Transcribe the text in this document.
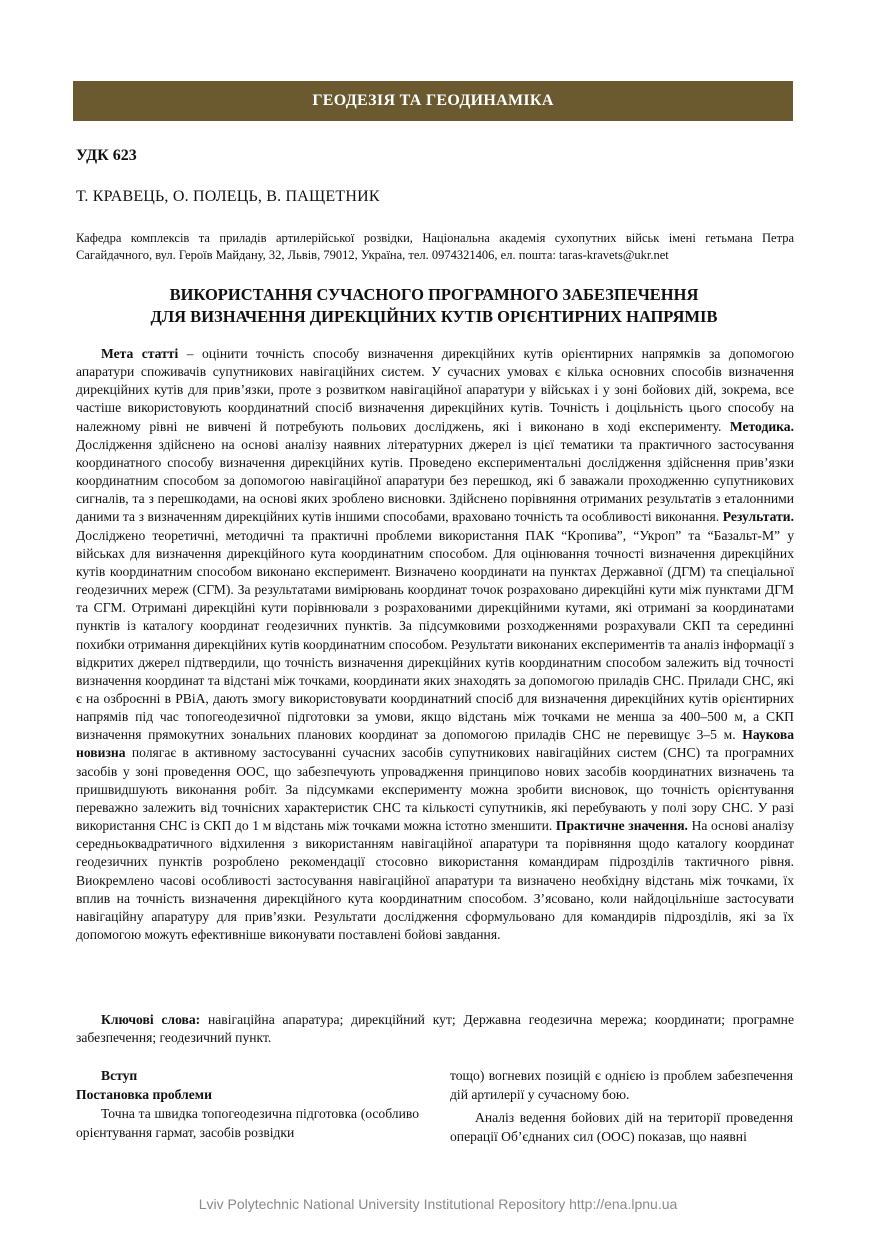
ГЕОДЕЗІЯ ТА ГЕОДИНАМІКА
УДК 623
Т. КРАВЕЦЬ, О. ПОЛЕЦЬ, В. ПАЩЕТНИК
Кафедра комплексів та приладів артилерійської розвідки, Національна академія сухопутних військ імені гетьмана Петра Сагайдачного, вул. Героїв Майдану, 32, Львів, 79012, Україна, тел. 0974321406, ел. пошта: taras-kravets@ukr.net
ВИКОРИСТАННЯ СУЧАСНОГО ПРОГРАМНОГО ЗАБЕЗПЕЧЕННЯ
ДЛЯ ВИЗНАЧЕННЯ ДИРЕКЦІЙНИХ КУТІВ ОРІЄНТИРНИХ НАПРЯМІВ
Мета статті – оцінити точність способу визначення дирекційних кутів орієнтирних напрямків за допомогою апаратури споживачів супутникових навігаційних систем. У сучасних умовах є кілька основних способів визначення дирекційних кутів для прив’язки, проте з розвитком навігаційної апаратури у військах і у зоні бойових дій, зокрема, все частіше використовують координатний спосіб визначення дирекційних кутів. Точність і доцільність цього способу на належному рівні не вивчені й потребують польових досліджень, які і виконано в ході експерименту. Методика. Дослідження здійснено на основі аналізу наявних літературних джерел із цієї тематики та практичного застосування координатного способу визначення дирекційних кутів. Проведено експериментальні дослідження здійснення прив’язки координатним способом за допомогою навігаційної апаратури без перешкод, які б заважали проходженню супутникових сигналів, та з перешкодами, на основі яких зроблено висновки. Здійснено порівняння отриманих результатів з еталонними даними та з визначенням дирекційних кутів іншими способами, враховано точність та особливості виконання. Результати. Досліджено теоретичні, методичні та практичні проблеми використання ПАК “Кропива”, “Укроп” та “Базальт-М” у військах для визначення дирекційного кута координатним способом. Для оцінювання точності визначення дирекційних кутів координатним способом виконано експеримент. Визначено координати на пунктах Державної (ДГМ) та спеціальної геодезичних мереж (СГМ). За результатами вимірювань координат точок розраховано дирекційні кути між пунктами ДГМ та СГМ. Отримані дирекційні кути порівнювали з розрахованими дирекційними кутами, які отримані за координатами пунктів із каталогу координат геодезичних пунктів. За підсумковими розходженнями розрахували СКП та серединні похибки отримання дирекційних кутів координатним способом. Результати виконаних експериментів та аналіз інформації з відкритих джерел підтвердили, що точність визначення дирекційних кутів координатним способом залежить від точності визначення координат та відстані між точками, координати яких знаходять за допомогою приладів СНС. Прилади СНС, які є на озброєнні в РВіА, дають змогу використовувати координатний спосіб для визначення дирекційних кутів орієнтирних напрямів під час топогеодезичної підготовки за умови, якщо відстань між точками не менша за 400–500 м, а СКП визначення прямокутних зональних планових координат за допомогою приладів СНС не перевищує 3–5 м. Наукова новизна полягає в активному застосуванні сучасних засобів супутникових навігаційних систем (СНС) та програмних засобів у зоні проведення ООС, що забезпечують упровадження принципово нових засобів координатних визначень та пришвидшують виконання робіт. За підсумками експерименту можна зробити висновок, що точність орієнтування переважно залежить від точнісних характеристик СНС та кількості супутників, які перебувають у полі зору СНС. У разі використання СНС із СКП до 1 м відстань між точками можна істотно зменшити. Практичне значення. На основі аналізу середньоквадратичного відхилення з використанням навігаційної апаратури та порівняння щодо каталогу координат геодезичних пунктів розроблено рекомендації стосовно використання командирам підрозділів тактичного рівня. Виокремлено часові особливості застосування навігаційної апаратури та визначено необхідну відстань між точками, їх вплив на точність визначення дирекційного кута координатним способом. З’ясовано, коли найдоцільніше застосувати навігаційну апаратуру для прив’язки. Результати дослідження сформульовано для командирів підрозділів, які за їх допомогою можуть ефективніше виконувати поставлені бойові завдання.
Ключові слова: навігаційна апаратура; дирекційний кут; Державна геодезична мережа; координати; програмне забезпечення; геодезичний пункт.
Вступ
Постановка проблеми
Точна та швидка топогеодезична підготовка (особливо орієнтування гармат, засобів розвідки
тощо) вогневих позицій є однією із проблем забезпечення дій артилерії у сучасному бою.
Аналіз ведення бойових дій на території проведення операції Об’єднаних сил (ООС) показав, що наявні
Lviv Polytechnic National University Institutional Repository http://ena.lpnu.ua
